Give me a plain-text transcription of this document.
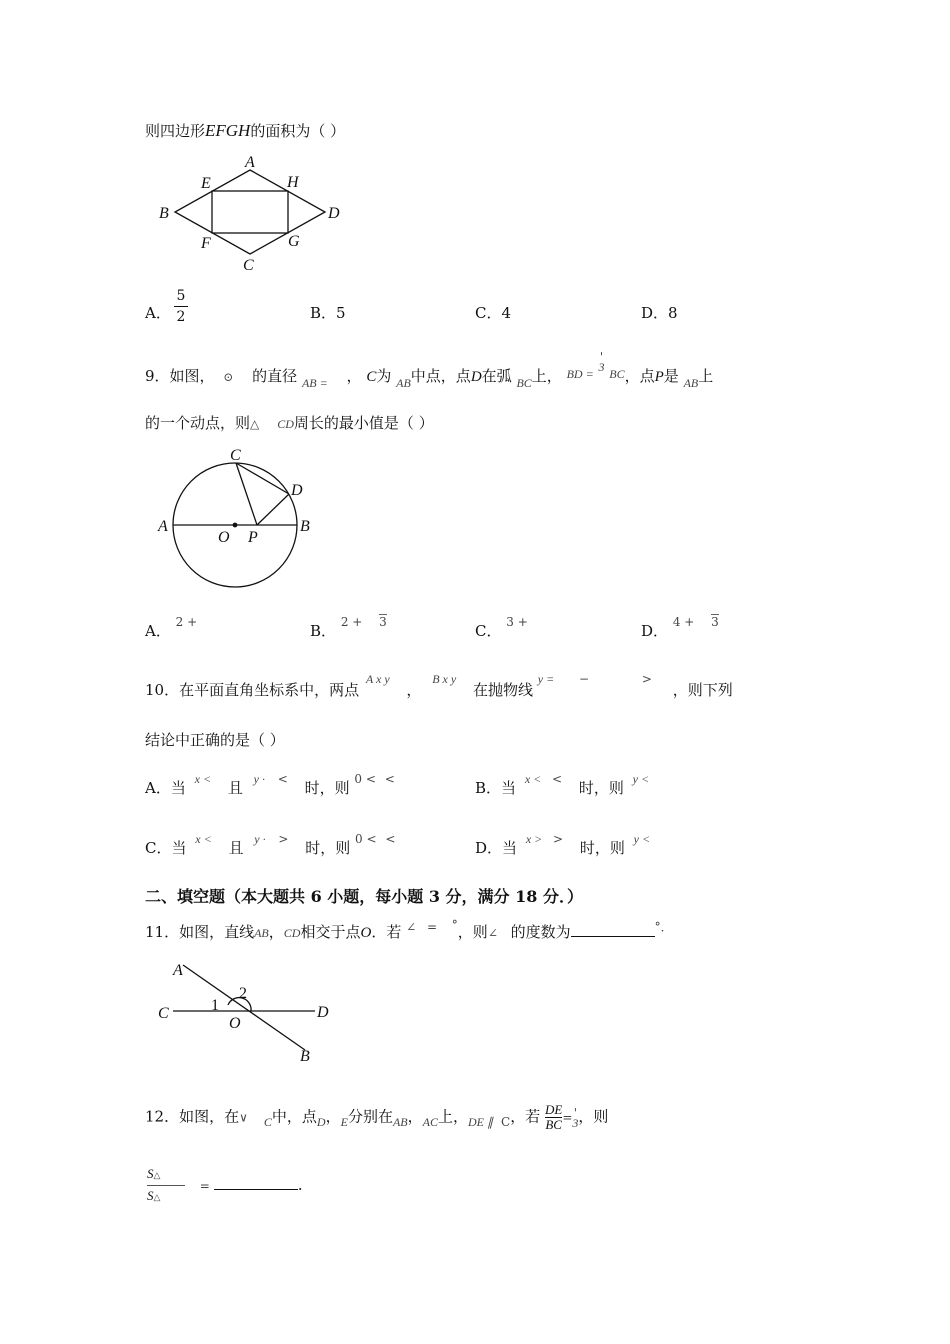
则四边形EFGH的面积为（ ）
A
E	H
B	D
F	G
C
A．
5
2	B．5	C．4	D．8
9．如图， ⊙ 的直径 $_{AB =}$ ， C为 $_{AB}$中点，点D在弧 $_{BC}$上， $^{BD =}$ '
3 $^{BC}$，点P是 $_{AB}$上
的一个动点，则△ CD周长的最小值是（ ）
C
D
A
O P
B
A． $^{2 +}$	B． $^{2 +}$ $^3$	C． $^{3 +}$	D． $^{4 +}$ $^3$
10．在平面直角坐标系中，两点 $^{A x y}$ ， $^{B x y}$ 在抛物线 $^{y =}$ −	> ，则下列
结论中正确的是（ ）
A．当 $^{x <}$ 且 $^{y \cdot}$ < 时，则 $^{0 <}$ <	B．当 $^{x <}$ < 时，则 $^{y <}$
C．当 $^{x <}$ 且 $^{y \cdot}$ > 时，则 $^{0 <}$ <	D．当 $^{x >}$ > 时，则 $^{y <}$
二、填空题（本大题共 6 小题，每小题 3 分，满分 18 分．）
11．如图，直线AB，CD相交于点O．若 ∠ = °，则∠ 的度数为	°．
A
C	1
2
O
D
B
12．如图，在∨ $_C$中，点$_D$，$_E$分别在$_{AB}$，$_{AC}$上，$_{DE \parallel}$ $_C$，若 $\frac{DE}{BC}='$
3，则
S△
S△ =	．
